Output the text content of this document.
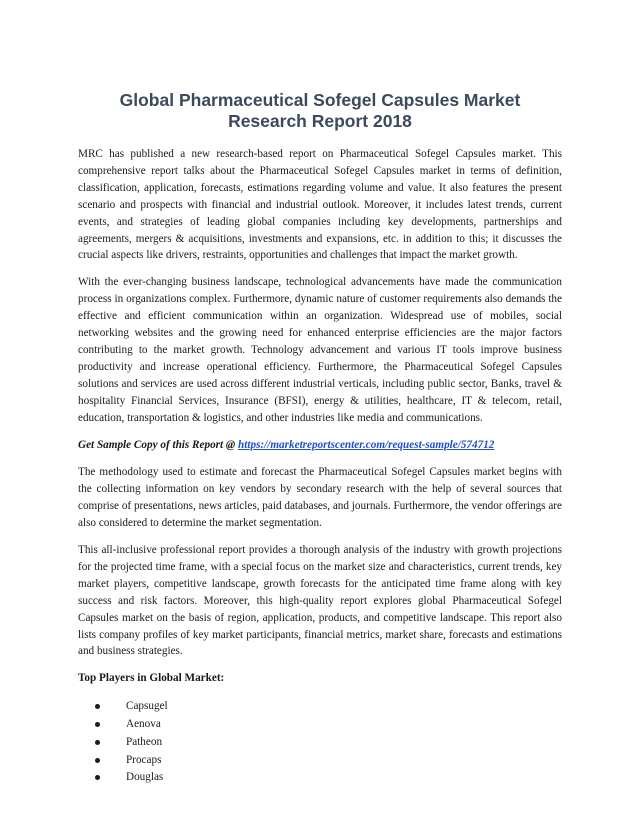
Global Pharmaceutical Sofegel Capsules Market Research Report 2018

MRC has published a new research-based report on Pharmaceutical Sofegel Capsules market. This comprehensive report talks about the Pharmaceutical Sofegel Capsules market in terms of definition, classification, application, forecasts, estimations regarding volume and value. It also features the present scenario and prospects with financial and industrial outlook. Moreover, it includes latest trends, current events, and strategies of leading global companies including key developments, partnerships and agreements, mergers & acquisitions, investments and expansions, etc. in addition to this; it discusses the crucial aspects like drivers, restraints, opportunities and challenges that impact the market growth.

With the ever-changing business landscape, technological advancements have made the communication process in organizations complex. Furthermore, dynamic nature of customer requirements also demands the effective and efficient communication within an organization. Widespread use of mobiles, social networking websites and the growing need for enhanced enterprise efficiencies are the major factors contributing to the market growth. Technology advancement and various IT tools improve business productivity and increase operational efficiency. Furthermore, the Pharmaceutical Sofegel Capsules solutions and services are used across different industrial verticals, including public sector, Banks, travel & hospitality Financial Services, Insurance (BFSI), energy & utilities, healthcare, IT & telecom, retail, education, transportation & logistics, and other industries like media and communications.

Get Sample Copy of this Report @ https://marketreportscenter.com/request-sample/574712

The methodology used to estimate and forecast the Pharmaceutical Sofegel Capsules market begins with the collecting information on key vendors by secondary research with the help of several sources that comprise of presentations, news articles, paid databases, and journals. Furthermore, the vendor offerings are also considered to determine the market segmentation.

This all-inclusive professional report provides a thorough analysis of the industry with growth projections for the projected time frame, with a special focus on the market size and characteristics, current trends, key market players, competitive landscape, growth forecasts for the anticipated time frame along with key success and risk factors. Moreover, this high-quality report explores global Pharmaceutical Sofegel Capsules market on the basis of region, application, products, and competitive landscape. This report also lists company profiles of key market participants, financial metrics, market share, forecasts and estimations and business strategies.

Top Players in Global Market:
Capsugel
Aenova
Patheon
Procaps
Douglas
